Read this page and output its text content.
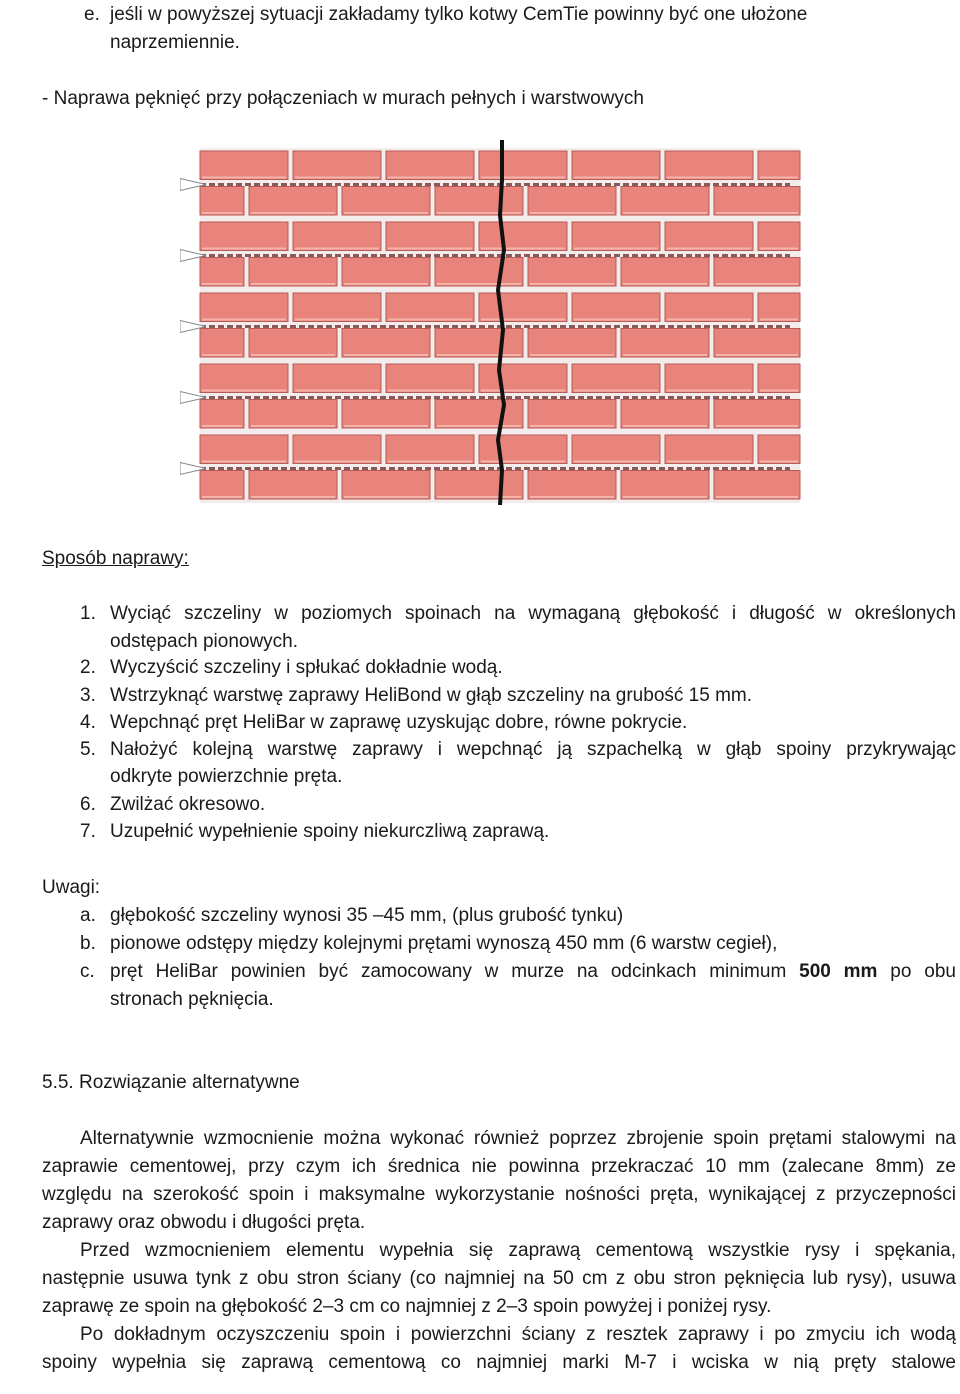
e. jeśli w powyższej sytuacji zakładamy tylko kotwy CemTie powinny być one ułożone
naprzemiennie.
- Naprawa pęknięć przy połączeniach w murach pełnych i warstwowych
Sposób naprawy:
1. Wyciąć szczeliny w poziomych spoinach na wymaganą głębokość i długość w określonych
odstępach pionowych.
2. Wyczyścić szczeliny i spłukać dokładnie wodą.
3. Wstrzyknąć warstwę zaprawy HeliBond w głąb szczeliny na grubość 15 mm.
4. Wepchnąć pręt HeliBar w zaprawę uzyskując dobre, równe pokrycie.
5. Nałożyć kolejną warstwę zaprawy i wepchnąć ją szpachelką w głąb spoiny przykrywając
odkryte powierzchnie pręta.
6. Zwilżać okresowo.
7. Uzupełnić wypełnienie spoiny niekurczliwą zaprawą.
Uwagi:
a. głębokość szczeliny wynosi 35 –45 mm, (plus grubość tynku)
b. pionowe odstępy między kolejnymi prętami wynoszą 450 mm (6 warstw cegieł),
c. pręt HeliBar powinien być zamocowany w murze na odcinkach minimum 500 mm po obu
stronach pęknięcia.
5.5. Rozwiązanie alternatywne
Alternatywnie wzmocnienie można wykonać również poprzez zbrojenie spoin prętami stalowymi na
zaprawie cementowej, przy czym ich średnica nie powinna przekraczać 10 mm (zalecane 8mm) ze
względu na szerokość spoin i maksymalne wykorzystanie nośności pręta, wynikającej z przyczepności
zaprawy oraz obwodu i długości pręta.
Przed wzmocnieniem elementu wypełnia się zaprawą cementową wszystkie rysy i spękania,
następnie usuwa tynk z obu stron ściany (co najmniej na 50 cm z obu stron pęknięcia lub rysy), usuwa
zaprawę ze spoin na głębokość 2–3 cm co najmniej z 2–3 spoin powyżej i poniżej rysy.
Po dokładnym oczyszczeniu spoin i powierzchni ściany z resztek zaprawy i po zmyciu ich wodą
spoiny wypełnia się zaprawą cementową co najmniej marki M-7 i wciska w nią pręty stalowe
